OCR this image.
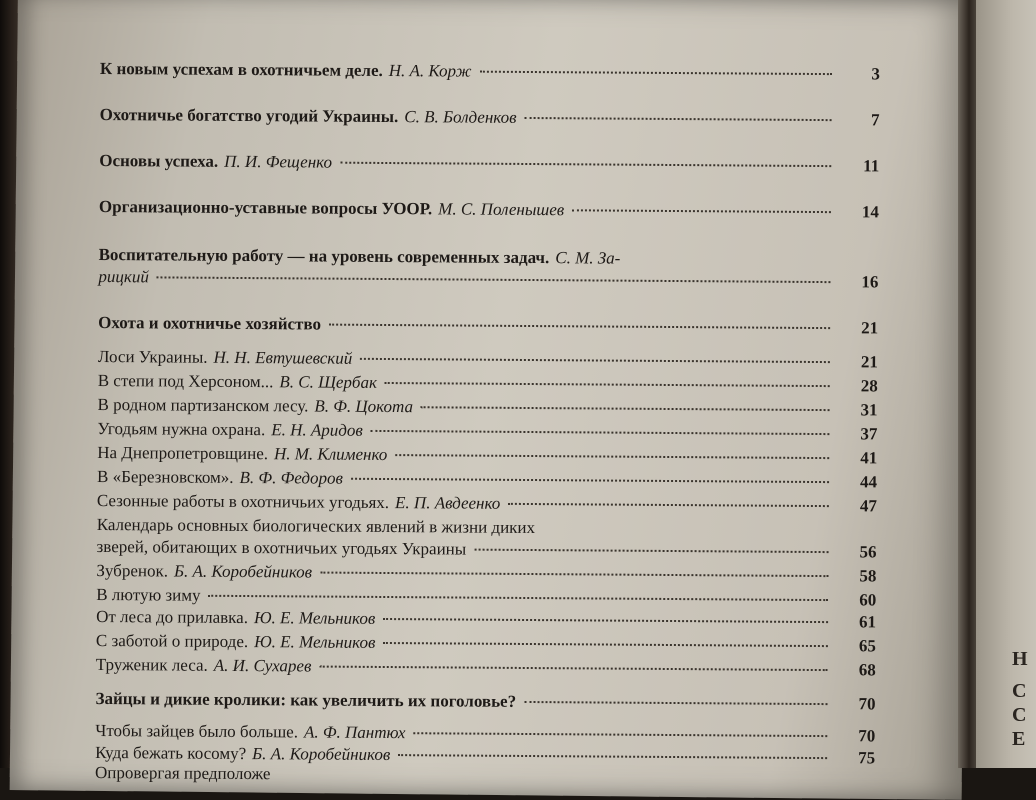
Н
С
С
Е
К новым успехам в охотничьем деле. Н. А. Корж	3
Охотничье богатство угодий Украины. С. В. Болденков	7
Основы успеха. П. И. Фещенко	11
Организационно-уставные вопросы УООР. М. С. Поленышев	14
Воспитательную работу — на уровень современных задач. С. М. За-
рицкий	16
Охота и охотничье хозяйство	21
Лоси Украины. Н. Н. Евтушевский	21
В степи под Херсоном... В. С. Щербак	28
В родном партизанском лесу. В. Ф. Цокота	31
Угодьям нужна охрана. Е. Н. Аридов	37
На Днепропетровщине. Н. М. Клименко	41
В «Березновском». В. Ф. Федоров	44
Сезонные работы в охотничьих угодьях. Е. П. Авдеенко	47
Календарь основных биологических явлений в жизни диких
зверей, обитающих в охотничьих угодьях Украины	56
Зубренок. Б. А. Коробейников	58
В лютую зиму	60
От леса до прилавка. Ю. Е. Мельников	61
С заботой о природе. Ю. Е. Мельников	65
Труженик леса. А. И. Сухарев	68
Зайцы и дикие кролики: как увеличить их поголовье?	70
Чтобы зайцев было больше. А. Ф. Пантюх	70
Куда бежать косому? Б. А. Коробейников	75
Опровергая предположе
